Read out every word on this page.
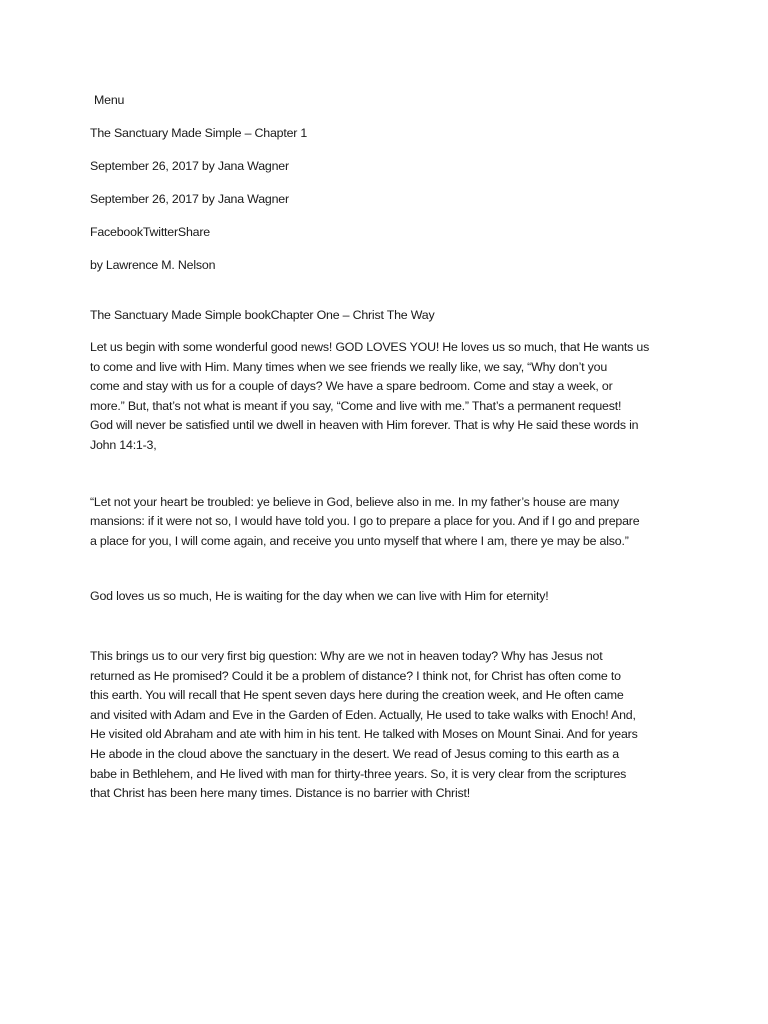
Menu
The Sanctuary Made Simple – Chapter 1
September 26, 2017 by Jana Wagner
September 26, 2017 by Jana Wagner
FacebookTwitterShare
by Lawrence M. Nelson
The Sanctuary Made Simple bookChapter One – Christ The Way
Let us begin with some wonderful good news! GOD LOVES YOU! He loves us so much, that He wants us
to come and live with Him. Many times when we see friends we really like, we say, “Why don’t you
come and stay with us for a couple of days? We have a spare bedroom. Come and stay a week, or
more.” But, that’s not what is meant if you say, “Come and live with me.” That’s a permanent request!
God will never be satisfied until we dwell in heaven with Him forever. That is why He said these words in
John 14:1-3,
“Let not your heart be troubled: ye believe in God, believe also in me. In my father’s house are many
mansions: if it were not so, I would have told you. I go to prepare a place for you. And if I go and prepare
a place for you, I will come again, and receive you unto myself that where I am, there ye may be also.”
God loves us so much, He is waiting for the day when we can live with Him for eternity!
This brings us to our very first big question: Why are we not in heaven today? Why has Jesus not
returned as He promised? Could it be a problem of distance? I think not, for Christ has often come to
this earth. You will recall that He spent seven days here during the creation week, and He often came
and visited with Adam and Eve in the Garden of Eden. Actually, He used to take walks with Enoch! And,
He visited old Abraham and ate with him in his tent. He talked with Moses on Mount Sinai. And for years
He abode in the cloud above the sanctuary in the desert. We read of Jesus coming to this earth as a
babe in Bethlehem, and He lived with man for thirty-three years. So, it is very clear from the scriptures
that Christ has been here many times. Distance is no barrier with Christ!
